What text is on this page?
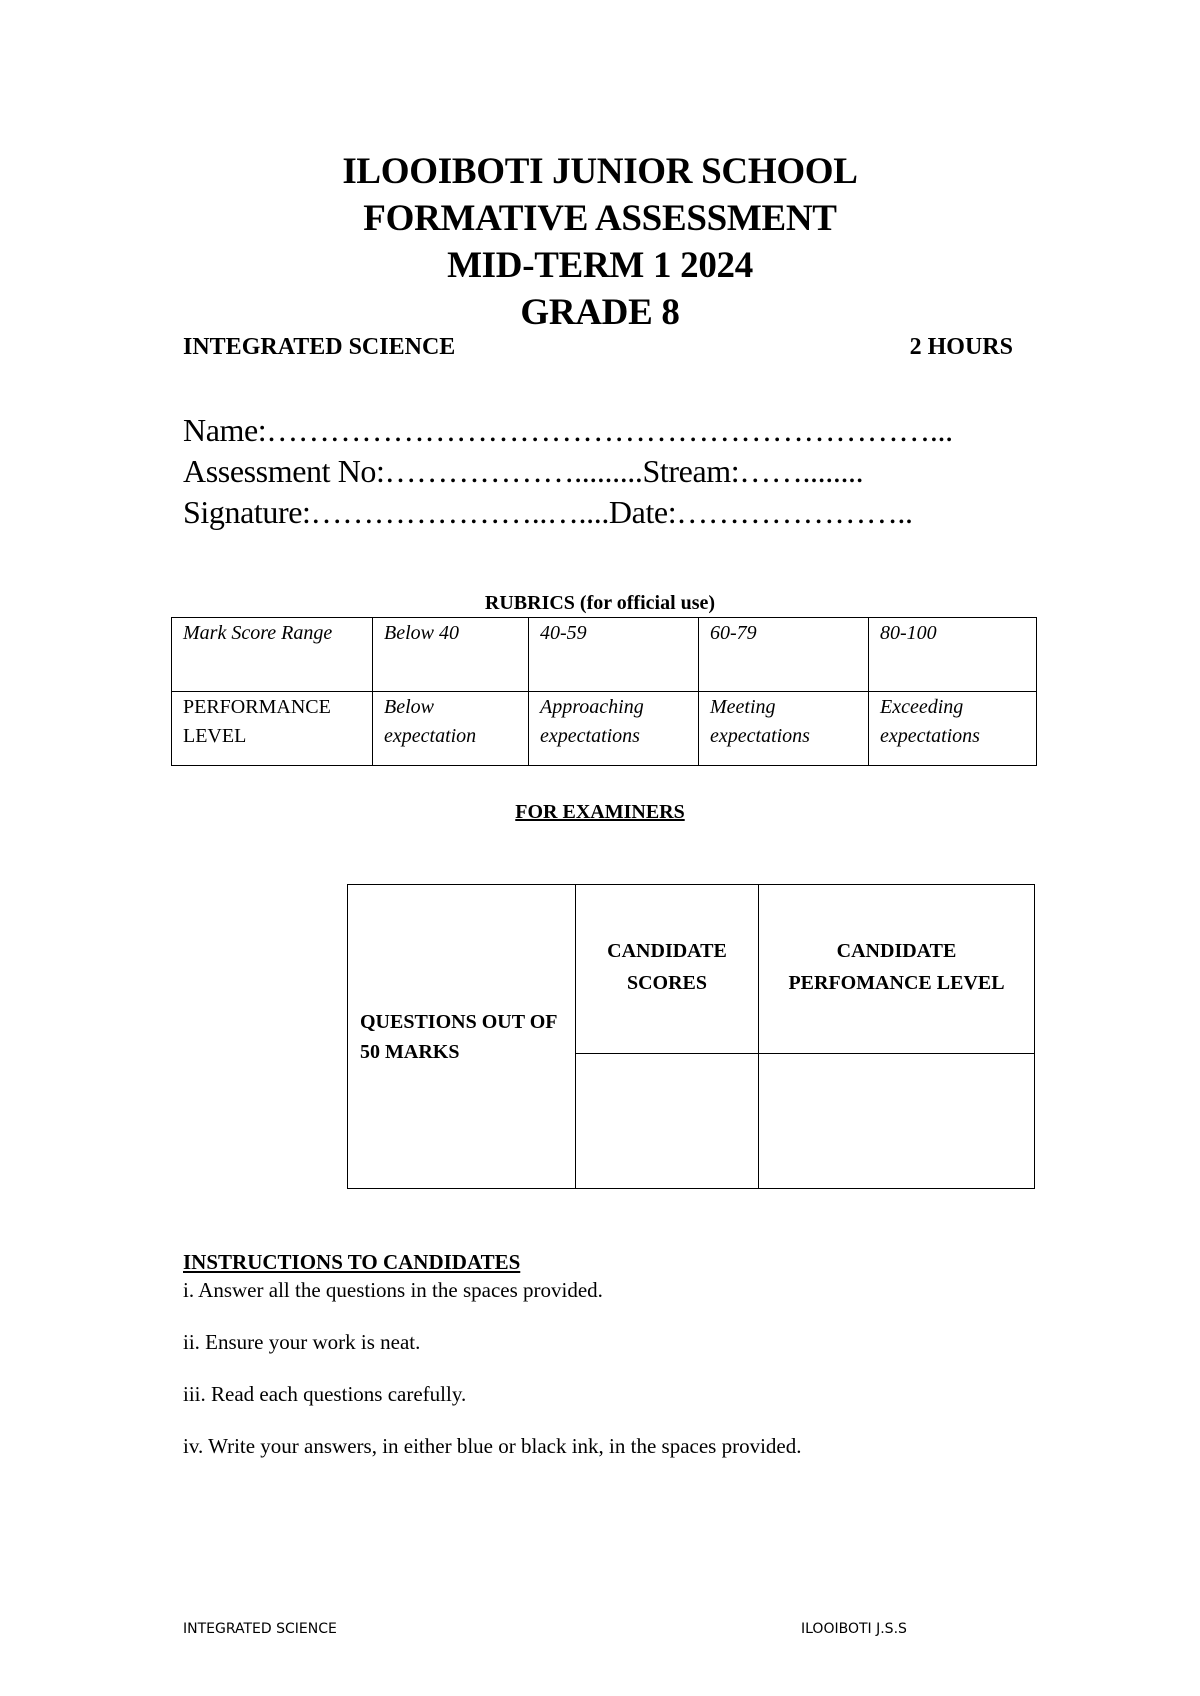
ILOOIBOTI JUNIOR SCHOOL
FORMATIVE ASSESSMENT
MID-TERM 1 2024
GRADE 8
INTEGRATED SCIENCE	2 HOURS
Name:………………………………………………………...
Assessment No:……………….........Stream:……........
Signature:…………………..…....Date:…………………..
RUBRICS (for official use)
Mark Score Range	Below 40	40-59	60-79	80-100
PERFORMANCE LEVEL	Below expectation	Approaching expectations	Meeting expectations	Exceeding expectations
FOR EXAMINERS
QUESTIONS OUT OF 50 MARKS	CANDIDATE SCORES	CANDIDATE PERFOMANCE LEVEL

INSTRUCTIONS TO CANDIDATES
i. Answer all the questions in the spaces provided.
ii. Ensure your work is neat.
iii. Read each questions carefully.
iv. Write your answers, in either blue or black ink, in the spaces provided.
INTEGRATED SCIENCE	ILOOIBOTI J.S.S
